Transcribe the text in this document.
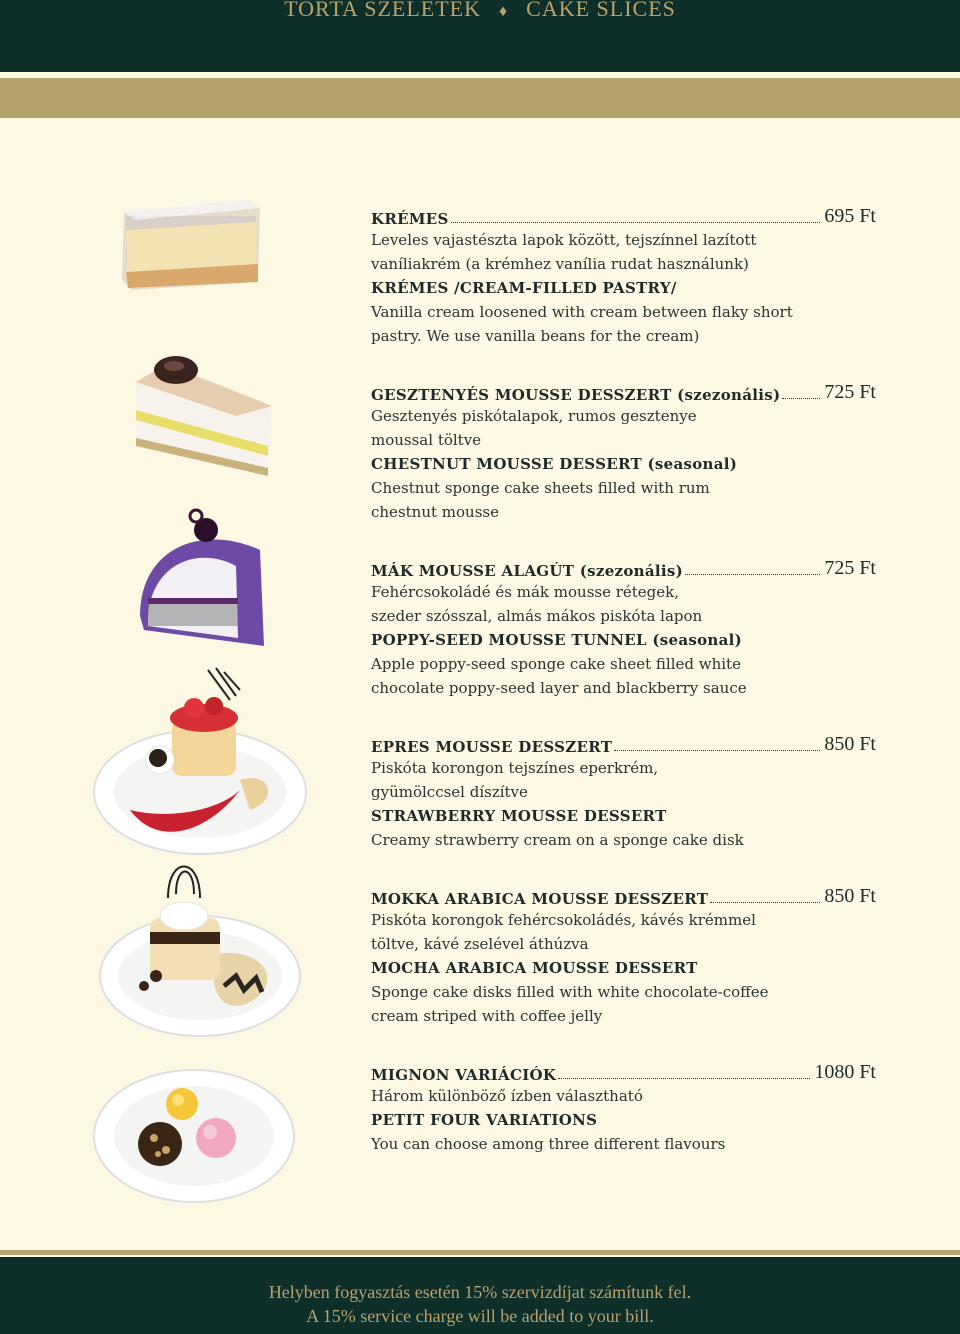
TORTA SZELETEK ♦ CAKE SLICES
KRÉMES	695 Ft
Leveles vajastészta lapok között, tejszínnel lazított
vaníliakrém (a krémhez vanília rudat használunk)
KRÉMES /CREAM-FILLED PASTRY/
Vanilla cream loosened with cream between flaky short
pastry. We use vanilla beans for the cream)
GESZTENYÉS MOUSSE DESSZERT (szezonális) 725 Ft
Gesztenyés piskótalapok, rumos gesztenye
moussal töltve
CHESTNUT MOUSSE DESSERT (seasonal)
Chestnut sponge cake sheets filled with rum
chestnut mousse
MÁK MOUSSE ALAGÚT (szezonális)	725 Ft
Fehércsokoládé és mák mousse rétegek,
szeder szósszal, almás mákos piskóta lapon
POPPY-SEED MOUSSE TUNNEL (seasonal)
Apple poppy-seed sponge cake sheet filled white
chocolate poppy-seed layer and blackberry sauce
EPRES MOUSSE DESSZERT	850 Ft
Piskóta korongon tejszínes eperkrém,
gyümölccsel díszítve
STRAWBERRY MOUSSE DESSERT
Creamy strawberry cream on a sponge cake disk
MOKKA ARABICA MOUSSE DESSZERT	850 Ft
Piskóta korongok fehércsokoládés, kávés krémmel
töltve, kávé zselével áthúzva
MOCHA ARABICA MOUSSE DESSERT
Sponge cake disks filled with white chocolate-coffee
cream striped with coffee jelly
MIGNON VARIÁCIÓK	1080 Ft
Három különböző ízben választható
PETIT FOUR VARIATIONS
You can choose among three different flavours
Helyben fogyasztás esetén 15% szervizdíjat számítunk fel.
A 15% service charge will be added to your bill.
